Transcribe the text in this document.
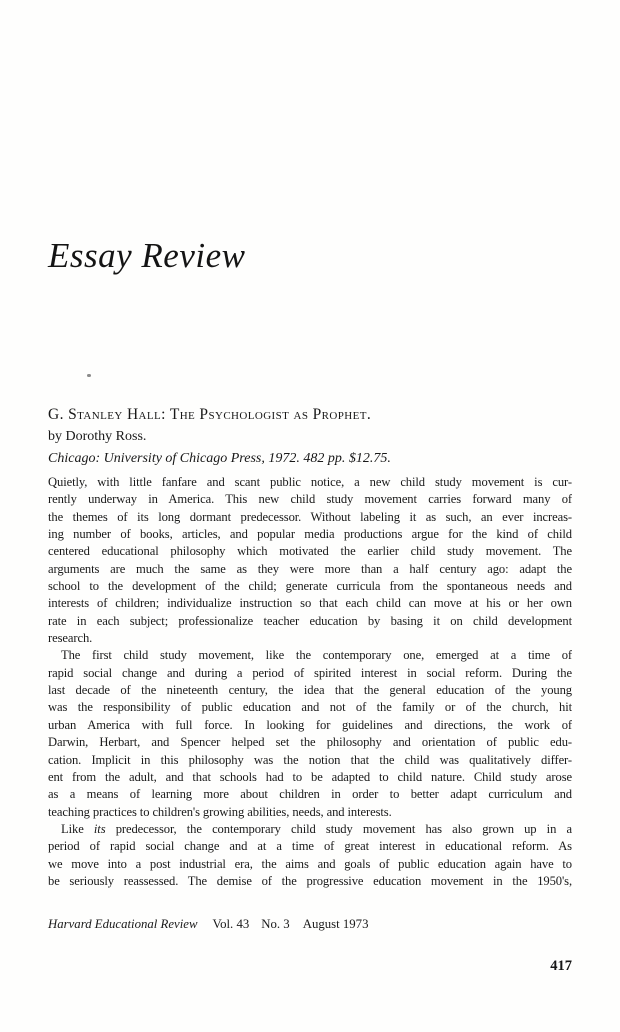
Essay Review
G. Stanley Hall: The Psychologist as Prophet.
by Dorothy Ross.
Chicago: University of Chicago Press, 1972. 482 pp. $12.75.
Quietly, with little fanfare and scant public notice, a new child study movement is cur-
rently underway in America. This new child study movement carries forward many of
the themes of its long dormant predecessor. Without labeling it as such, an ever increas-
ing number of books, articles, and popular media productions argue for the kind of child
centered educational philosophy which motivated the earlier child study movement. The
arguments are much the same as they were more than a half century ago: adapt the
school to the development of the child; generate curricula from the spontaneous needs and
interests of children; individualize instruction so that each child can move at his or her own
rate in each subject; professionalize teacher education by basing it on child development
research.
The first child study movement, like the contemporary one, emerged at a time of
rapid social change and during a period of spirited interest in social reform. During the
last decade of the nineteenth century, the idea that the general education of the young
was the responsibility of public education and not of the family or of the church, hit
urban America with full force. In looking for guidelines and directions, the work of
Darwin, Herbart, and Spencer helped set the philosophy and orientation of public edu-
cation. Implicit in this philosophy was the notion that the child was qualitatively differ-
ent from the adult, and that schools had to be adapted to child nature. Child study arose
as a means of learning more about children in order to better adapt curriculum and
teaching practices to children's growing abilities, needs, and interests.
Like its predecessor, the contemporary child study movement has also grown up in a
period of rapid social change and at a time of great interest in educational reform. As
we move into a post industrial era, the aims and goals of public education again have to
be seriously reassessed. The demise of the progressive education movement in the 1950's,
Harvard Educational Review Vol. 43 No. 3 August 1973
417
